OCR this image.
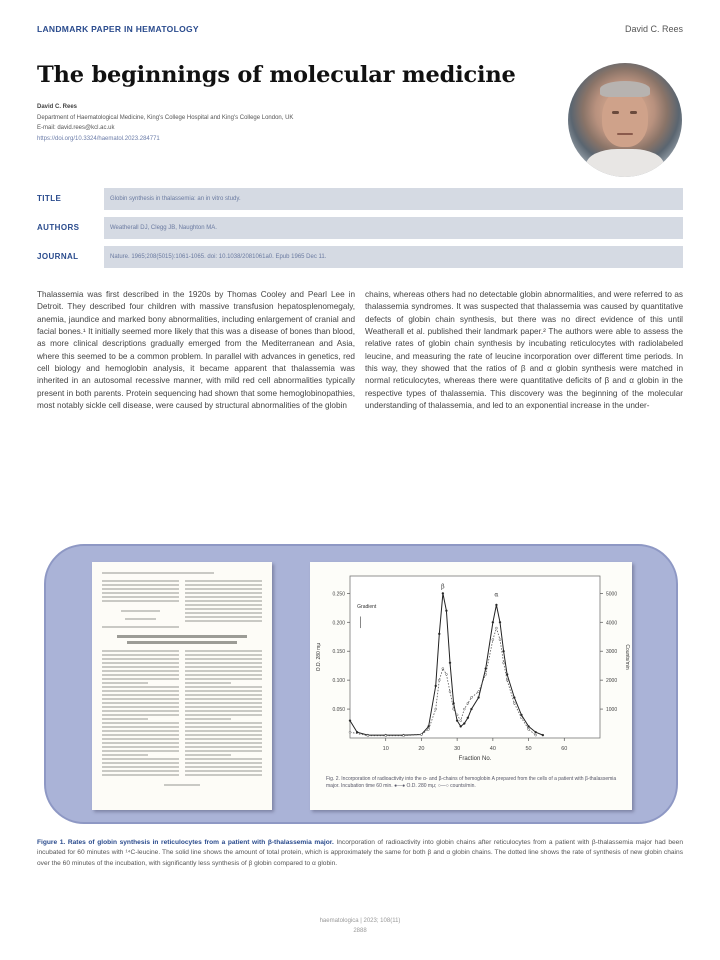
LANDMARK PAPER IN HEMATOLOGY	David C. Rees
The beginnings of molecular medicine
David C. Rees
Department of Haematological Medicine, King's College Hospital and King's College London, UK
E-mail: david.rees@kcl.ac.uk
https://doi.org/10.3324/haematol.2023.284771
TITLE	Globin synthesis in thalassemia: an in vitro study.
AUTHORS	Weatherall DJ, Clegg JB, Naughton MA.
JOURNAL	Nature. 1965;208(5015):1061-1065. doi: 10.1038/2081061a0. Epub 1965 Dec 11.

Thalassemia was first described in the 1920s by Thomas Cooley and Pearl Lee in Detroit. They described four children with massive transfusion hepatosplenomegaly, anemia, jaundice and marked bony abnormalities, including enlargement of cranial and facial bones.¹ It initially seemed more likely that this was a disease of bones than blood, as more clinical descriptions gradually emerged from the Mediterranean and Asia, where this seemed to be a common problem. In parallel with advances in genetics, red cell biology and hemoglobin analysis, it became apparent that thalassemia was inherited in an autosomal recessive manner, with mild red cell abnormalities typically present in both parents. Protein sequencing had shown that some hemoglobinopathies, most notably sickle cell disease, were caused by structural abnormalities of the globin

chains, whereas others had no detectable globin abnormalities, and were referred to as thalassemia syndromes. It was suspected that thalassemia was caused by quantitative defects of globin chain synthesis, but there was no direct evidence of this until Weatherall et al. published their landmark paper.² The authors were able to assess the relative rates of globin chain synthesis by incubating reticulocytes with radiolabeled leucine, and measuring the rate of leucine incorporation over different time periods. In this way, they showed that the ratios of β and α globin synthesis were matched in normal reticulocytes, whereas there were quantitative deficits of β and α globin in the respective types of thalassemia. This discovery was the beginning of the molecular understanding of thalassemia, and led to an exponential increase in the under-

10	20	30	40	50	60
0.050
0.100
0.150
0.200
0.250
1000
2000
3000
4000
5000
Fraction No.
O.D. 280 mμ	Counts/min
Gradient
β
α
Fig. 2. Incorporation of radioactivity into the α- and β-chains of hemoglobin A prepared from the cells of a patient with β-thalassemia major. Incubation time 60 min. ●—● O.D. 280 mμ; ○—○ counts/min.

Figure 1. Rates of globin synthesis in reticulocytes from a patient with β-thalassemia major. Incorporation of radioactivity into globin chains after reticulocytes from a patient with β-thalassemia major had been incubated for 60 minutes with ¹⁴C-leucine. The solid line shows the amount of total protein, which is approximately the same for both β and α globin chains. The dotted line shows the rate of synthesis of new globin chains over the 60 minutes of the incubation, with significantly less synthesis of β globin compared to α globin.

haematologica | 2023; 108(11)
2888
